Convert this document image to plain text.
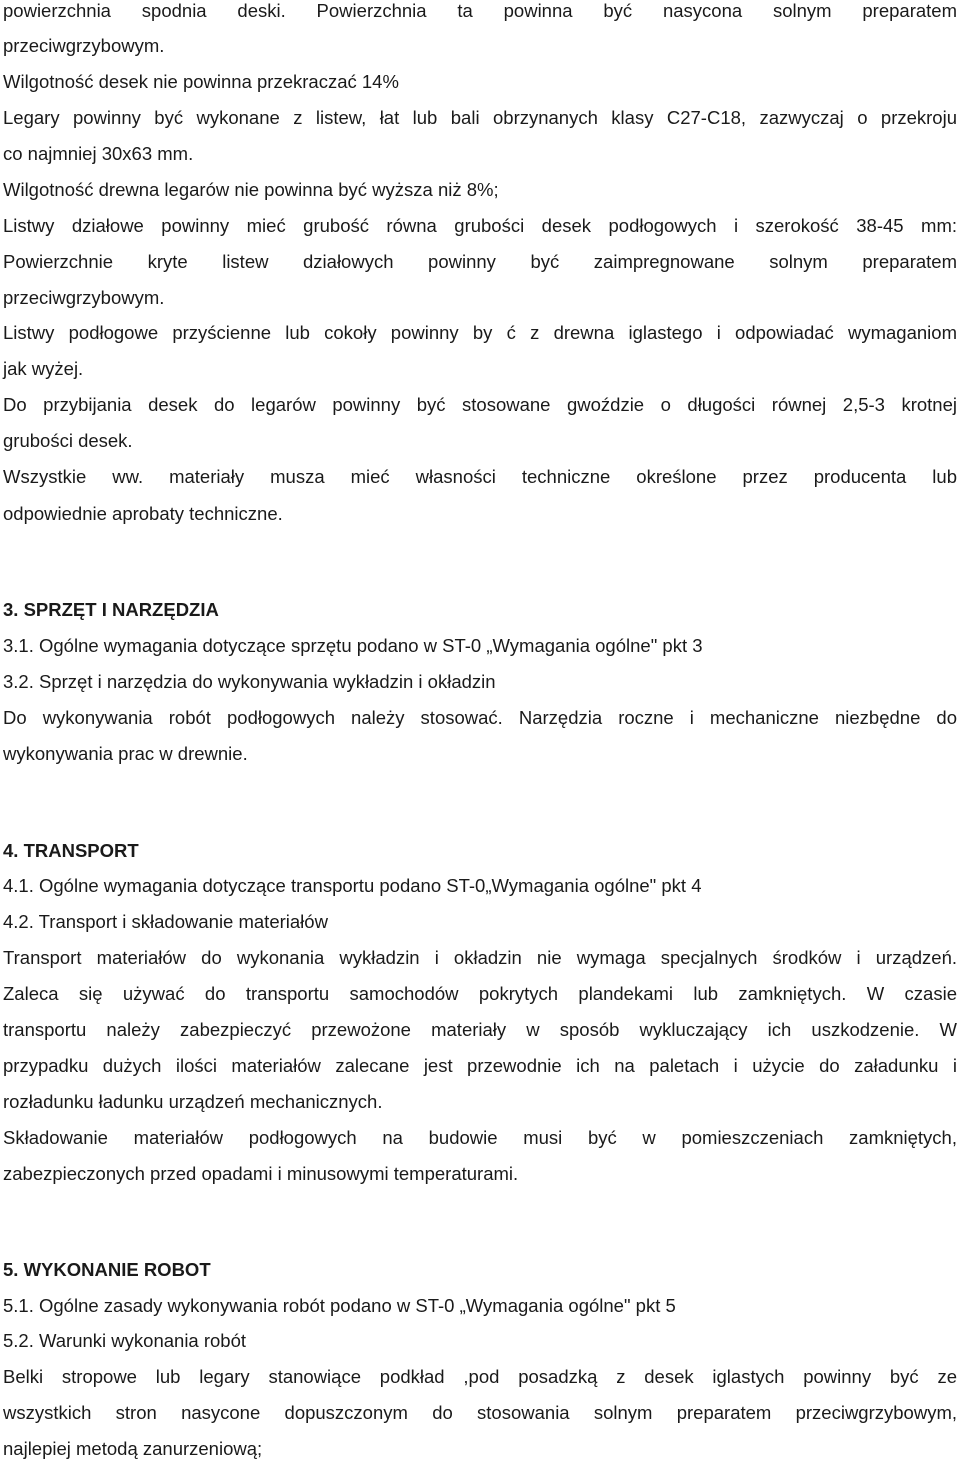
powierzchnia spodnia deski. Powierzchnia ta powinna być nasycona solnym preparatem

przeciwgrzybowym.

Wilgotność desek nie powinna przekraczać 14%

Legary powinny być wykonane z listew, łat lub bali obrzynanych klasy C27-C18, zazwyczaj o przekroju

co najmniej 30x63 mm.

Wilgotność drewna legarów nie powinna być wyższa niż 8%;

Listwy działowe powinny mieć grubość równa grubości desek podłogowych i szerokość 38-45 mm:

Powierzchnie kryte listew działowych powinny być zaimpregnowane solnym preparatem

przeciwgrzybowym.

Listwy podłogowe przyścienne lub cokoły powinny by ć z drewna iglastego i odpowiadać wymaganiom

jak wyżej.

Do przybijania desek do legarów powinny być stosowane gwoździe o długości równej 2,5-3 krotnej

grubości desek.

Wszystkie ww. materiały musza mieć własności techniczne określone przez producenta lub

odpowiednie aprobaty techniczne.

3. SPRZĘT I NARZĘDZIA

3.1. Ogólne wymagania dotyczące sprzętu podano w ST-0 „Wymagania ogólne" pkt 3

3.2. Sprzęt i narzędzia do wykonywania wykładzin i okładzin

Do wykonywania robót podłogowych należy stosować. Narzędzia roczne i mechaniczne niezbędne do

wykonywania prac w drewnie.

4. TRANSPORT

4.1. Ogólne wymagania dotyczące transportu podano ST-0„Wymagania ogólne" pkt 4

4.2. Transport i składowanie materiałów

Transport materiałów do wykonania wykładzin i okładzin nie wymaga specjalnych środków i urządzeń.

Zaleca się używać do transportu samochodów pokrytych plandekami lub zamkniętych. W czasie

transportu należy zabezpieczyć przewożone materiały w sposób wykluczający ich uszkodzenie. W

przypadku dużych ilości materiałów zalecane jest przewodnie ich na paletach i użycie do załadunku i

rozładunku ładunku urządzeń mechanicznych.

Składowanie materiałów podłogowych na budowie musi być w pomieszczeniach zamkniętych,

zabezpieczonych przed opadami i minusowymi temperaturami.

5. WYKONANIE ROBOT

5.1. Ogólne zasady wykonywania robót podano w ST-0 „Wymagania ogólne" pkt 5

5.2. Warunki wykonania robót

Belki stropowe lub legary stanowiące podkład ,pod posadzką z desek iglastych powinny być ze

wszystkich stron nasycone dopuszczonym do stosowania solnym preparatem przeciwgrzybowym,

najlepiej metodą zanurzeniową;
